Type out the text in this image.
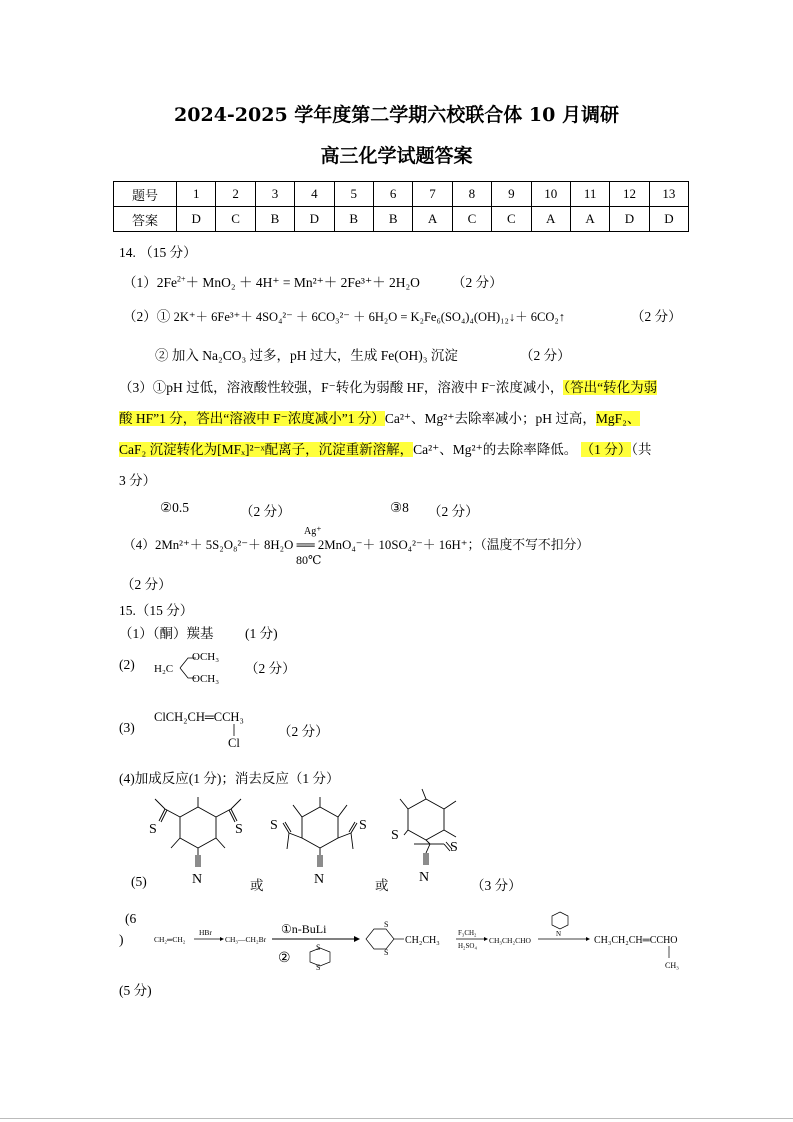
2024-2025 学年度第二学期六校联合体 10 月调研
高三化学试题答案
题号	1	2	3	4	5	6	7	8	9	10	11	12	13
答案	D	C	B	D	B	B	A	C	C	A	A	D	D
14. （15 分）
$(1)2Fe^{2+}+ MnO_2 + 4H^+ = Mn^{2+}+ 2Fe^{3+}+ 2H_2O$ （2 分）
（2）① 2K⁺＋ 6Fe³⁺＋ 4SO₄²⁻ ＋ 6CO₃²⁻ ＋ 6H₂O = K₂Fe₆(SO₄)₄(OH)₁₂↓＋ 6CO₂↑	（2 分）
② 加入 Na₂CO₃ 过多，pH 过大，生成 Fe(OH)₃ 沉淀	（2 分）
（3）①pH 过低，溶液酸性较强，F⁻转化为弱酸 HF，溶液中 F⁻浓度减小，（答出“转化为弱
酸 HF”1 分，答出“溶液中 F⁻浓度减小”1 分）Ca²⁺、Mg²⁺去除率减小；pH 过高，MgF₂、
CaF₂ 沉淀转化为[MFₓ]²⁻ˣ配离子，沉淀重新溶解，Ca²⁺、Mg²⁺的去除率降低。 （1 分）（共
3 分）
②0.5	（2 分）	③8 （2 分）
Ag⁺
（4）2Mn²⁺＋ 5S₂O₈²⁻＋ 8H₂O ══ 2MnO₄⁻＋ 10SO₄²⁻＋ 16H⁺；（温度不写不扣分）
80℃
（2 分）
15.（15 分）
（1）（酮）羰基 (1 分)
(2) H₂C
OCH₃
OCH₃
（2 分）
(3)
ClCH₂CH═CCH₃
Cl
（2 分）
(4)加成反应(1 分)；消去反应（1 分）
(5)
S	S
N	或
S	S
N	或
S
S
N
（3 分）
(6
)	CH₂═CH₂
HBr
CH₃—CH₂Br
①n-BuLi
②
S
S
S
S
CH₂CH₃
F₃CH₂
H₂SO₄
CH₃CH₂CHO
N
CH₃CH₂CH═CCHO
CH₃
(5 分)
